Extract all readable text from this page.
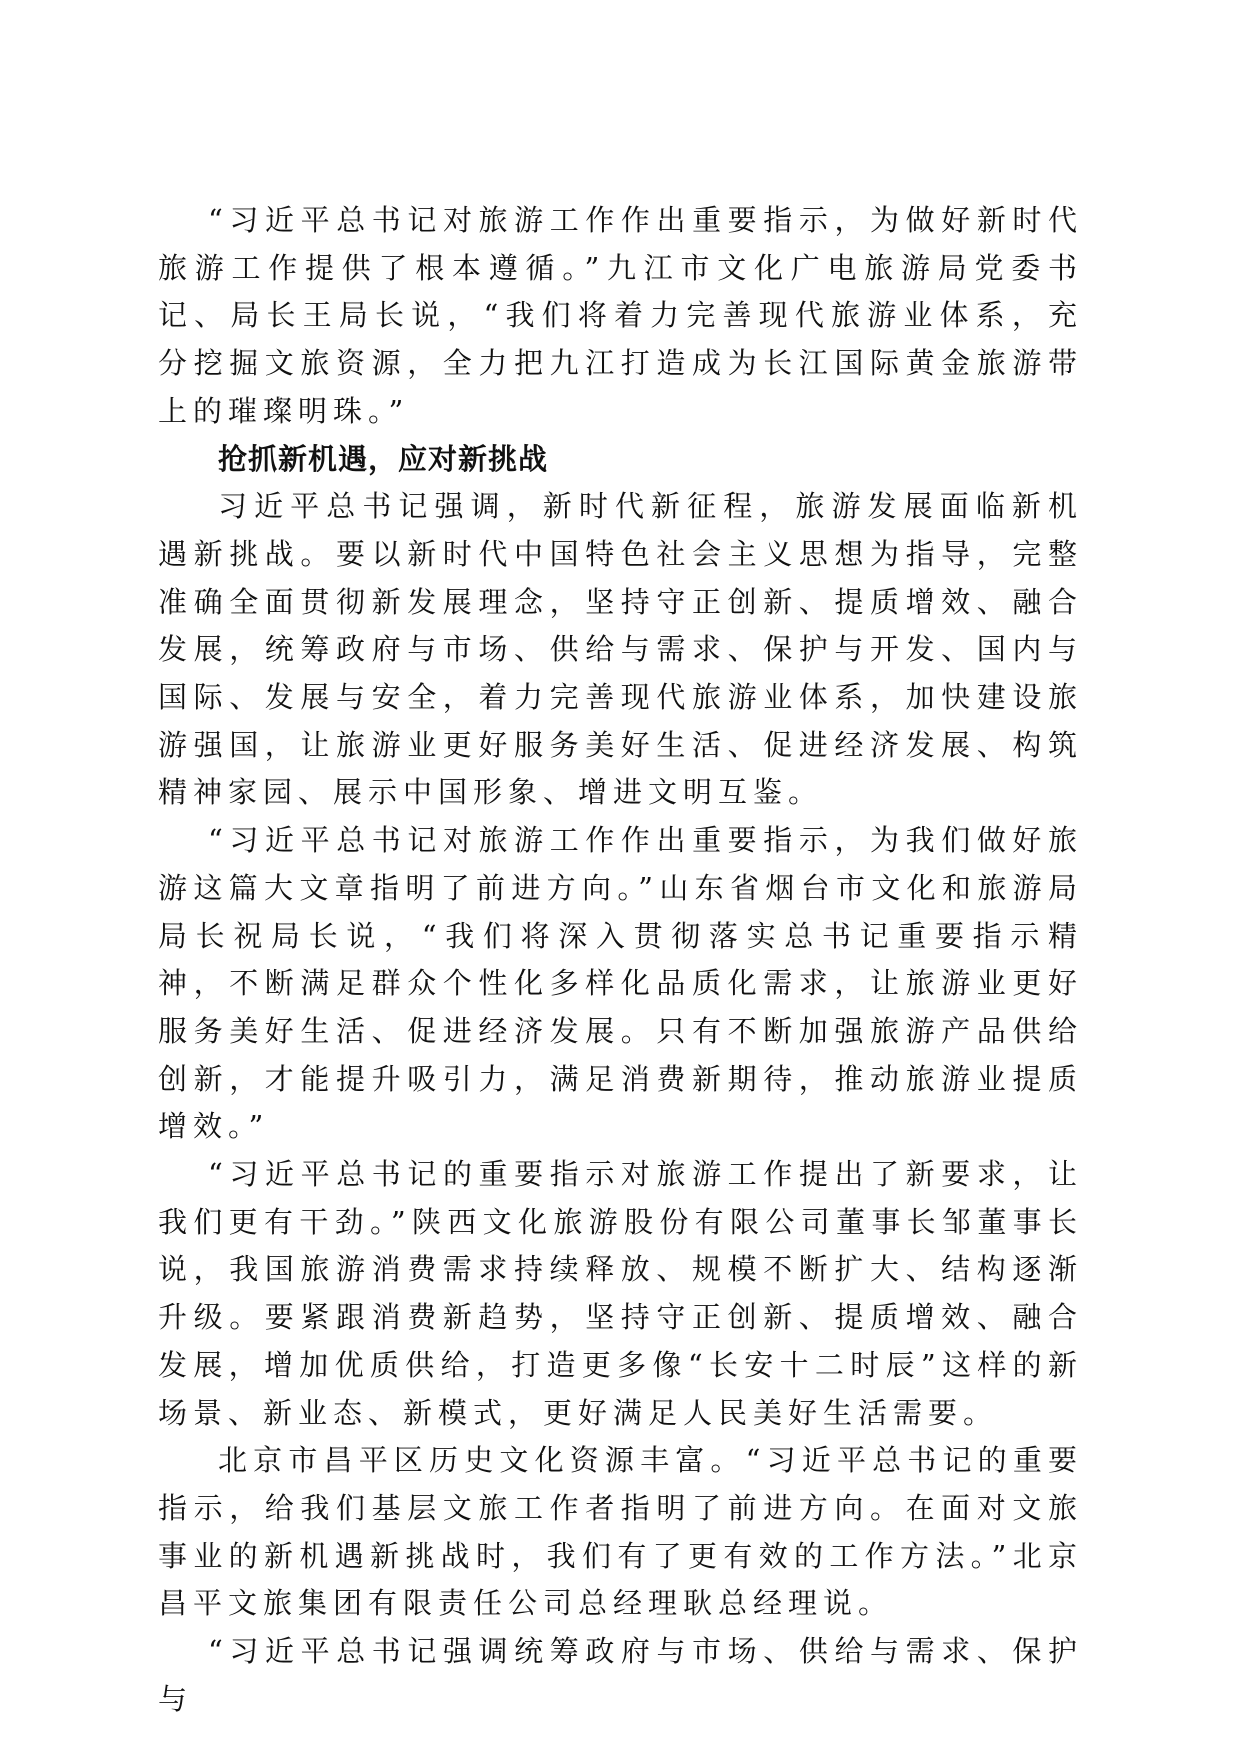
“习近平总书记对旅游工作作出重要指示，为做好新时代旅游工作提供了根本遵循。”九江市文化广电旅游局党委书记、局长王局长说，“我们将着力完善现代旅游业体系，充分挖掘文旅资源，全力把九江打造成为长江国际黄金旅游带上的璀璨明珠。”

抢抓新机遇，应对新挑战

习近平总书记强调，新时代新征程，旅游发展面临新机遇新挑战。要以新时代中国特色社会主义思想为指导，完整准确全面贯彻新发展理念，坚持守正创新、提质增效、融合发展，统筹政府与市场、供给与需求、保护与开发、国内与国际、发展与安全，着力完善现代旅游业体系，加快建设旅游强国，让旅游业更好服务美好生活、促进经济发展、构筑精神家园、展示中国形象、增进文明互鉴。

“习近平总书记对旅游工作作出重要指示，为我们做好旅游这篇大文章指明了前进方向。”山东省烟台市文化和旅游局局长祝局长说，“我们将深入贯彻落实总书记重要指示精神，不断满足群众个性化多样化品质化需求，让旅游业更好服务美好生活、促进经济发展。只有不断加强旅游产品供给创新，才能提升吸引力，满足消费新期待，推动旅游业提质增效。”

“习近平总书记的重要指示对旅游工作提出了新要求，让我们更有干劲。”陕西文化旅游股份有限公司董事长邹董事长说，我国旅游消费需求持续释放、规模不断扩大、结构逐渐升级。要紧跟消费新趋势，坚持守正创新、提质增效、融合发展，增加优质供给，打造更多像“长安十二时辰”这样的新场景、新业态、新模式，更好满足人民美好生活需要。

北京市昌平区历史文化资源丰富。“习近平总书记的重要指示，给我们基层文旅工作者指明了前进方向。在面对文旅事业的新机遇新挑战时，我们有了更有效的工作方法。”北京昌平文旅集团有限责任公司总经理耿总经理说。

“习近平总书记强调统筹政府与市场、供给与需求、保护与
